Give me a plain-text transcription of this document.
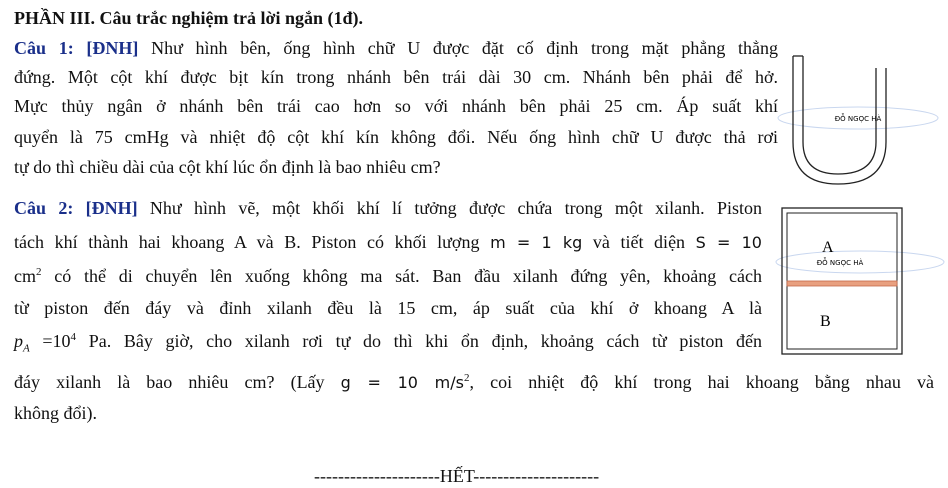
PHẦN III. Câu trắc nghiệm trả lời ngắn (1đ).
Câu 1: [ĐNH] Như hình bên, ống hình chữ U được đặt cố định trong mặt phẳng thẳng
đứng. Một cột khí được bịt kín trong nhánh bên trái dài 30 cm. Nhánh bên phải để hở.
Mực thủy ngân ở nhánh bên trái cao hơn so với nhánh bên phải 25 cm. Áp suất khí
quyển là 75 cmHg và nhiệt độ cột khí kín không đổi. Nếu ống hình chữ U được thả rơi
tự do thì chiều dài của cột khí lúc ổn định là bao nhiêu cm?
ĐỖ NGỌC HÀ
Câu 2: [ĐNH] Như hình vẽ, một khối khí lí tưởng được chứa trong một xilanh. Piston
tách khí thành hai khoang A và B. Piston có khối lượng m = 1 kg và tiết diện S = 10
$cm^2$ có thể di chuyển lên xuống không ma sát. Ban đầu xilanh đứng yên, khoảng cách
từ piston đến đáy và đỉnh xilanh đều là 15 cm, áp suất của khí ở khoang A là
$p_A =10^4$ Pa. Bây giờ, cho xilanh rơi tự do thì khi ổn định, khoảng cách từ piston đến
đáy xilanh là bao nhiêu cm? (Lấy g = 10 $m/s^2$, coi nhiệt độ khí trong hai khoang bằng nhau và
không đổi).
ĐỖ NGỌC HÀ
A
B
---------------------HẾT---------------------
